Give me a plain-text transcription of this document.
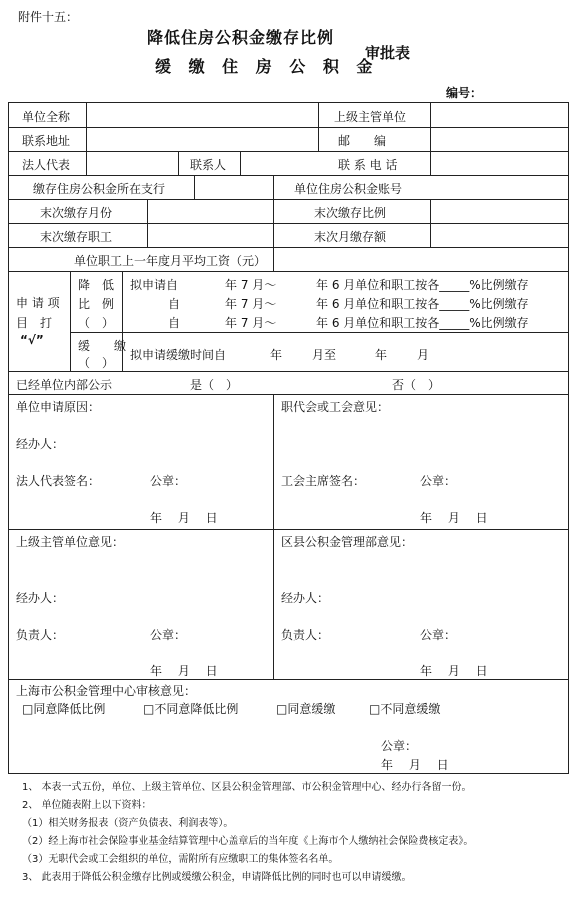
附件十五：
降低住房公积金缴存比例
缓 缴 住 房 公 积 金
审批表
编号：
单位全称	上级主管单位
联系地址	邮　　编
法人代表	联系人	联 系 电 话
缴存住房公积金所在支行	单位住房公积金账号
末次缴存月份	末次缴存比例
末次缴存职工	末次月缴存额
单位职工上一年度月平均工资（元）
申 请 项
目　打
“√”
降　低
比　例
（　）
拟申请自	年 7 月～	年 6 月单位和职工按各_____%比例缴存
自	年 7 月～	年 6 月单位和职工按各_____%比例缴存
自	年 7 月～	年 6 月单位和职工按各_____%比例缴存
缓　　缴
（　）
拟申请缓缴时间自	年 月至	年 月
已经单位内部公示	是（　）	否（　）
单位申请原因：
经办人：
法人代表签名：	公章：
年　 月　 日
职代会或工会意见：
工会主席签名：	公章：
年　 月　 日
上级主管单位意见：
经办人：
负责人：	公章：
年　 月　 日
区县公积金管理部意见：
经办人：
负责人：	公章：
年　 月　 日
上海市公积金管理中心审核意见：
□同意降低比例	□不同意降低比例	□同意缓缴	□不同意缓缴
公章：
年　 月　 日
1、 本表一式五份，单位、上级主管单位、区县公积金管理部、市公积金管理中心、经办行各留一份。
2、 单位随表附上以下资料：
（1）相关财务报表（资产负债表、利润表等）。
（2）经上海市社会保险事业基金结算管理中心盖章后的当年度《上海市个人缴纳社会保险费核定表》。
（3）无职代会或工会组织的单位，需附所有应缴职工的集体签名名单。
3、 此表用于降低公积金缴存比例或缓缴公积金，申请降低比例的同时也可以申请缓缴。
